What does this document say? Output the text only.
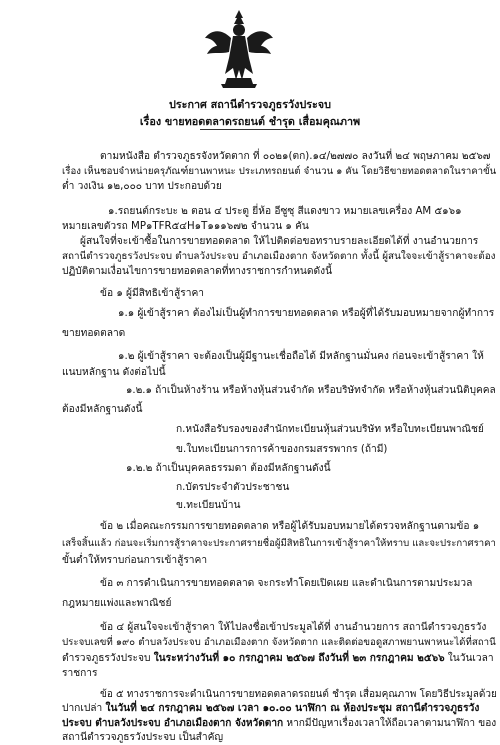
ประกาศ สถานีตำรวจภูธรวังประจบ
เรื่อง ขายทอดตลาดรถยนต์ ชำรุด เสื่อมคุณภาพ
ตามหนังสือ ตำรวจภูธรจังหวัดตาก ที่ ๐๐๒๑(ตก).๑๔/๒๗๗๐ ลงวันที่ ๒๔ พฤษภาคม ๒๕๖๗
เรื่อง เห็นชอบจำหน่ายครุภัณฑ์ยานพาหนะ ประเภทรถยนต์ จำนวน ๑ คัน โดยวิธีขายทอดตลาดในราคาขั้น
ต่ำ วงเงิน ๑๒,๐๐๐ บาท ประกอบด้วย
๑.รถยนต์กระบะ ๒ ตอน ๔ ประตู ยี่ห้อ อีซูซุ สีแดงขาว หมายเลขเครื่อง AM ๕๑๖๑
หมายเลขตัวรถ MP๑TFR๕๔H๑T๑๑๑๖๗๒ จำนวน ๑ คัน
ผู้สนใจที่จะเข้าซื้อในการขายทอดตลาด ให้ไปติดต่อขอทราบรายละเอียดได้ที่ งานอำนวยการ
สถานีตำรวจภูธรวังประจบ ตำบลวังประจบ อำเภอเมืองตาก จังหวัดตาก ทั้งนี้ ผู้สนใจจะเข้าสู้ราคาจะต้อง
ปฏิบัติตามเงื่อนไขการขายทอดตลาดที่ทางราชการกำหนดดังนี้
ข้อ ๑ ผู้มีสิทธิเข้าสู้ราคา
๑.๑ ผู้เข้าสู้ราคา ต้องไม่เป็นผู้ทำการขายทอดตลาด หรือผู้ที่ได้รับมอบหมายจากผู้ทำการ
ขายทอดตลาด
๑.๒ ผู้เข้าสู้ราคา จะต้องเป็นผู้มีฐานะเชื่อถือได้ มีหลักฐานมั่นคง ก่อนจะเข้าสู้ราคา ให้
แนบหลักฐาน ดังต่อไปนี้
๑.๒.๑ ถ้าเป็นห้างร้าน หรือห้างหุ้นส่วนจำกัด หรือบริษัทจำกัด หรือห้างหุ้นส่วนนิติบุคคล
ต้องมีหลักฐานดังนี้
ก.หนังสือรับรองของสำนักทะเบียนหุ้นส่วนบริษัท หรือใบทะเบียนพาณิชย์
ข.ใบทะเบียนการการค้าของกรมสรรพากร (ถ้ามี)
๑.๒.๒ ถ้าเป็นบุคคลธรรมดา ต้องมีหลักฐานดังนี้
ก.บัตรประจำตัวประชาชน
ข.ทะเบียนบ้าน
ข้อ ๒ เมื่อคณะกรรมการขายทอดตลาด หรือผู้ได้รับมอบหมายได้ตรวจหลักฐานตามข้อ ๑
เสร็จสิ้นแล้ว ก่อนจะเริ่มการสู้ราคาจะประกาศรายชื่อผู้มีสิทธิในการเข้าสู้ราคาให้ทราบ และจะประกาศราคา
ขั้นต่ำให้ทราบก่อนการเข้าสู้ราคา
ข้อ ๓ การดำเนินการขายทอดตลาด จะกระทำโดยเปิดเผย และดำเนินการตามประมวล
กฎหมายแพ่งและพาณิชย์
ข้อ ๔ ผู้สนใจจะเข้าสู้ราคา ให้ไปลงชื่อเข้าประมูลได้ที่ งานอำนวยการ สถานีตำรวจภูธรวัง
ประจบเลขที่ ๑๙๐ ตำบลวังประจบ อำเภอเมืองตาก จังหวัดตาก และติดต่อขอดูสภาพยานพาหนะได้ที่สถานี
ตำรวจภูธรวังประจบ ในระหว่างวันที่ ๑๐ กรกฎาคม ๒๕๖๗ ถึงวันที่ ๒๓ กรกฎาคม ๒๕๖๖ ในวันเวลา
ราชการ
ข้อ ๕ ทางราชการจะดำเนินการขายทอดตลาดรถยนต์ ชำรุด เสื่อมคุณภาพ โดยวิธีประมูลด้วย
ปากเปล่า ในวันที่ ๒๔ กรกฎาคม ๒๕๖๗ เวลา ๑๐.๐๐ นาฬิกา ณ ห้องประชุม สถานีตำรวจภูธรวัง
ประจบ ตำบลวังประจบ อำเภอเมืองตาก จังหวัดตาก หากมีปัญหาเรื่องเวลาให้ถือเวลาตามนาฬิกา ของ
สถานีตำรวจภูธรวังประจบ เป็นสำคัญ
